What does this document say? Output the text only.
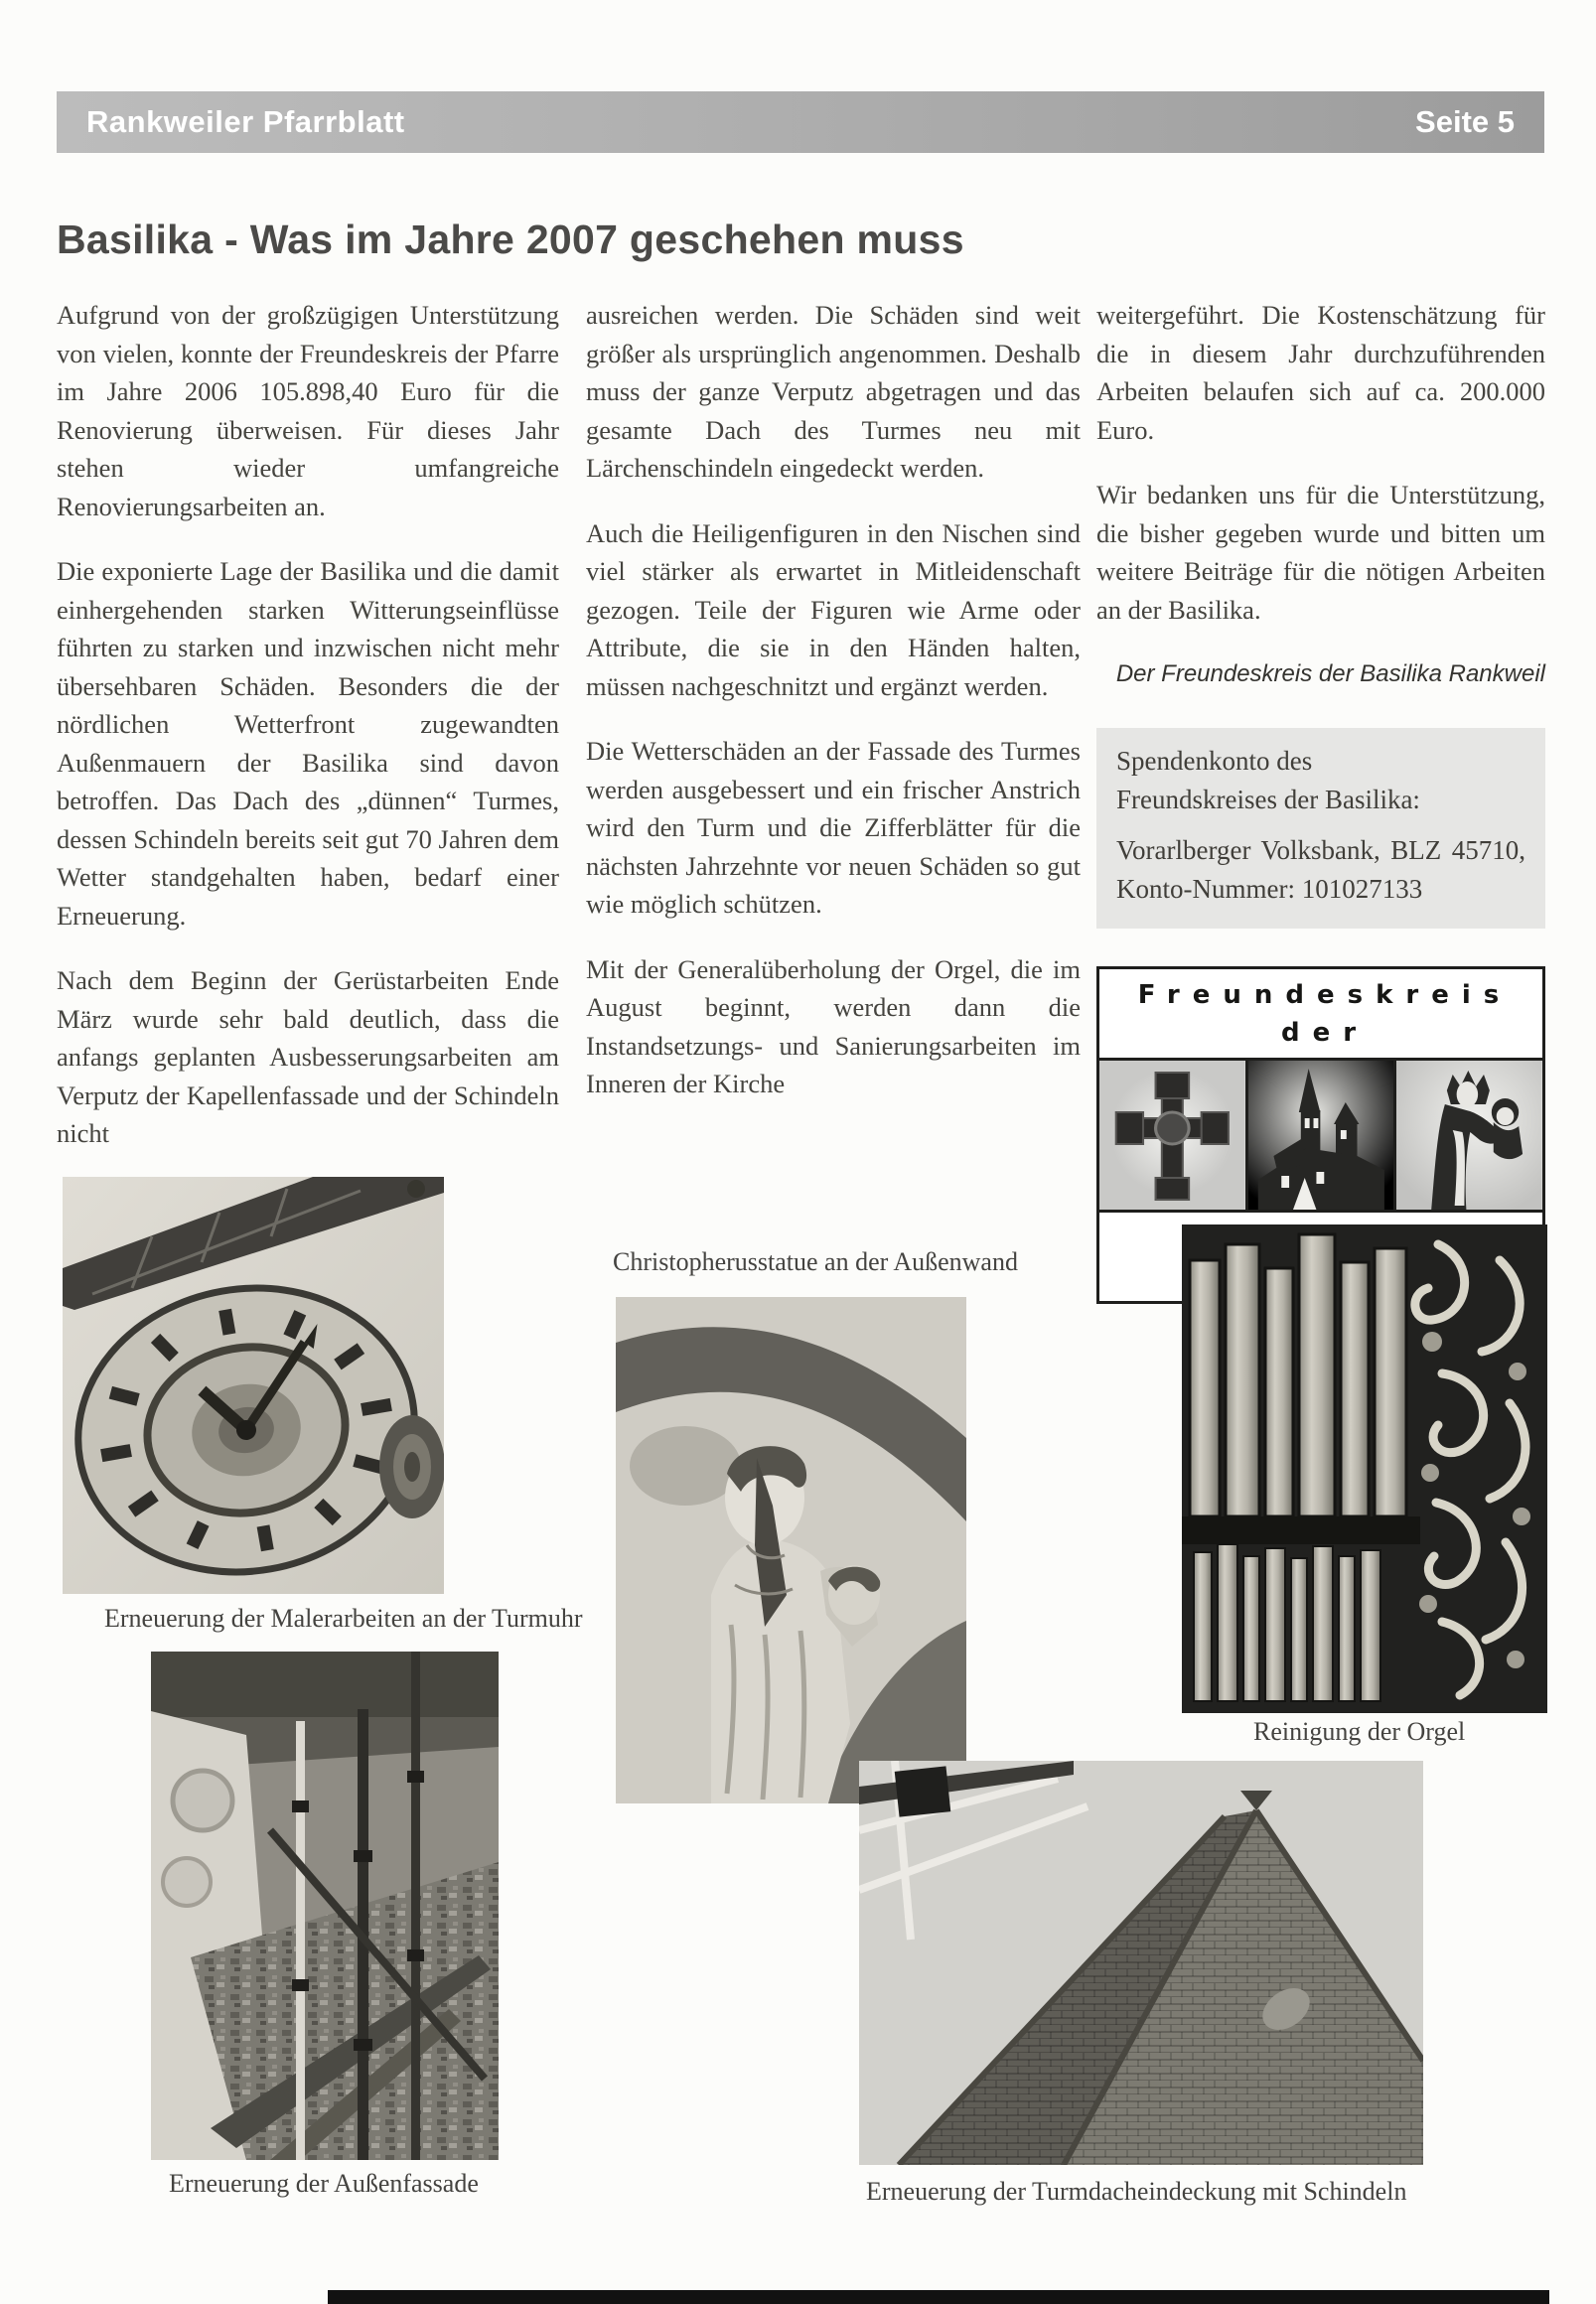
Rankweiler Pfarrblatt	Seite 5
Basilika - Was im Jahre 2007 geschehen muss

Aufgrund von der großzügigen Unterstützung von vielen, konnte der Freundeskreis der Pfarre im Jahre 2006 105.898,40 Euro für die Renovierung überweisen. Für dieses Jahr stehen wieder umfangreiche Renovierungsarbeiten an.

Die exponierte Lage der Basilika und die damit einhergehenden starken Witterungseinflüsse führten zu starken und inzwischen nicht mehr übersehbaren Schäden. Besonders die der nördlichen Wetterfront zugewandten Außenmauern der Basilika sind davon betroffen. Das Dach des „dünnen“ Turmes, dessen Schindeln bereits seit gut 70 Jahren dem Wetter standgehalten haben, bedarf einer Erneuerung.

Nach dem Beginn der Gerüstarbeiten Ende März wurde sehr bald deutlich, dass die anfangs geplanten Ausbesserungsarbeiten am Verputz der Kapellenfassade und der Schindeln nicht

ausreichen werden. Die Schäden sind weit größer als ursprünglich angenommen. Deshalb muss der ganze Verputz abgetragen und das gesamte Dach des Turmes neu mit Lärchenschindeln eingedeckt werden.

Auch die Heiligenfiguren in den Nischen sind viel stärker als erwartet in Mitleidenschaft gezogen. Teile der Figuren wie Arme oder Attribute, die sie in den Händen halten, müssen nachgeschnitzt und ergänzt werden.

Die Wetterschäden an der Fassade des Turmes werden ausgebessert und ein frischer Anstrich wird den Turm und die Zifferblätter für die nächsten Jahrzehnte vor neuen Schäden so gut wie möglich schützen.

Mit der Generalüberholung der Orgel, die im August beginnt, werden dann die Instandsetzungs- und Sanierungsarbeiten im Inneren der Kirche

weitergeführt. Die Kostenschätzung für die in diesem Jahr durchzuführenden Arbeiten belaufen sich auf ca. 200.000 Euro.

Wir bedanken uns für die Unterstützung, die bisher gegeben wurde und bitten um weitere Beiträge für die nötigen Arbeiten an der Basilika.

Der Freundeskreis der Basilika Rankweil

Spendenkonto des
Freundskreises der Basilika:

Vorarlberger Volksbank, BLZ 45710, Konto-Nummer: 101027133

Freundeskreis der

Erneuerung der Malerarbeiten an der Turmuhr

Christopherusstatue an der Außenwand

Reinigung der Orgel

Erneuerung der Außenfassade	Erneuerung der Turmdacheindeckung mit Schindeln
